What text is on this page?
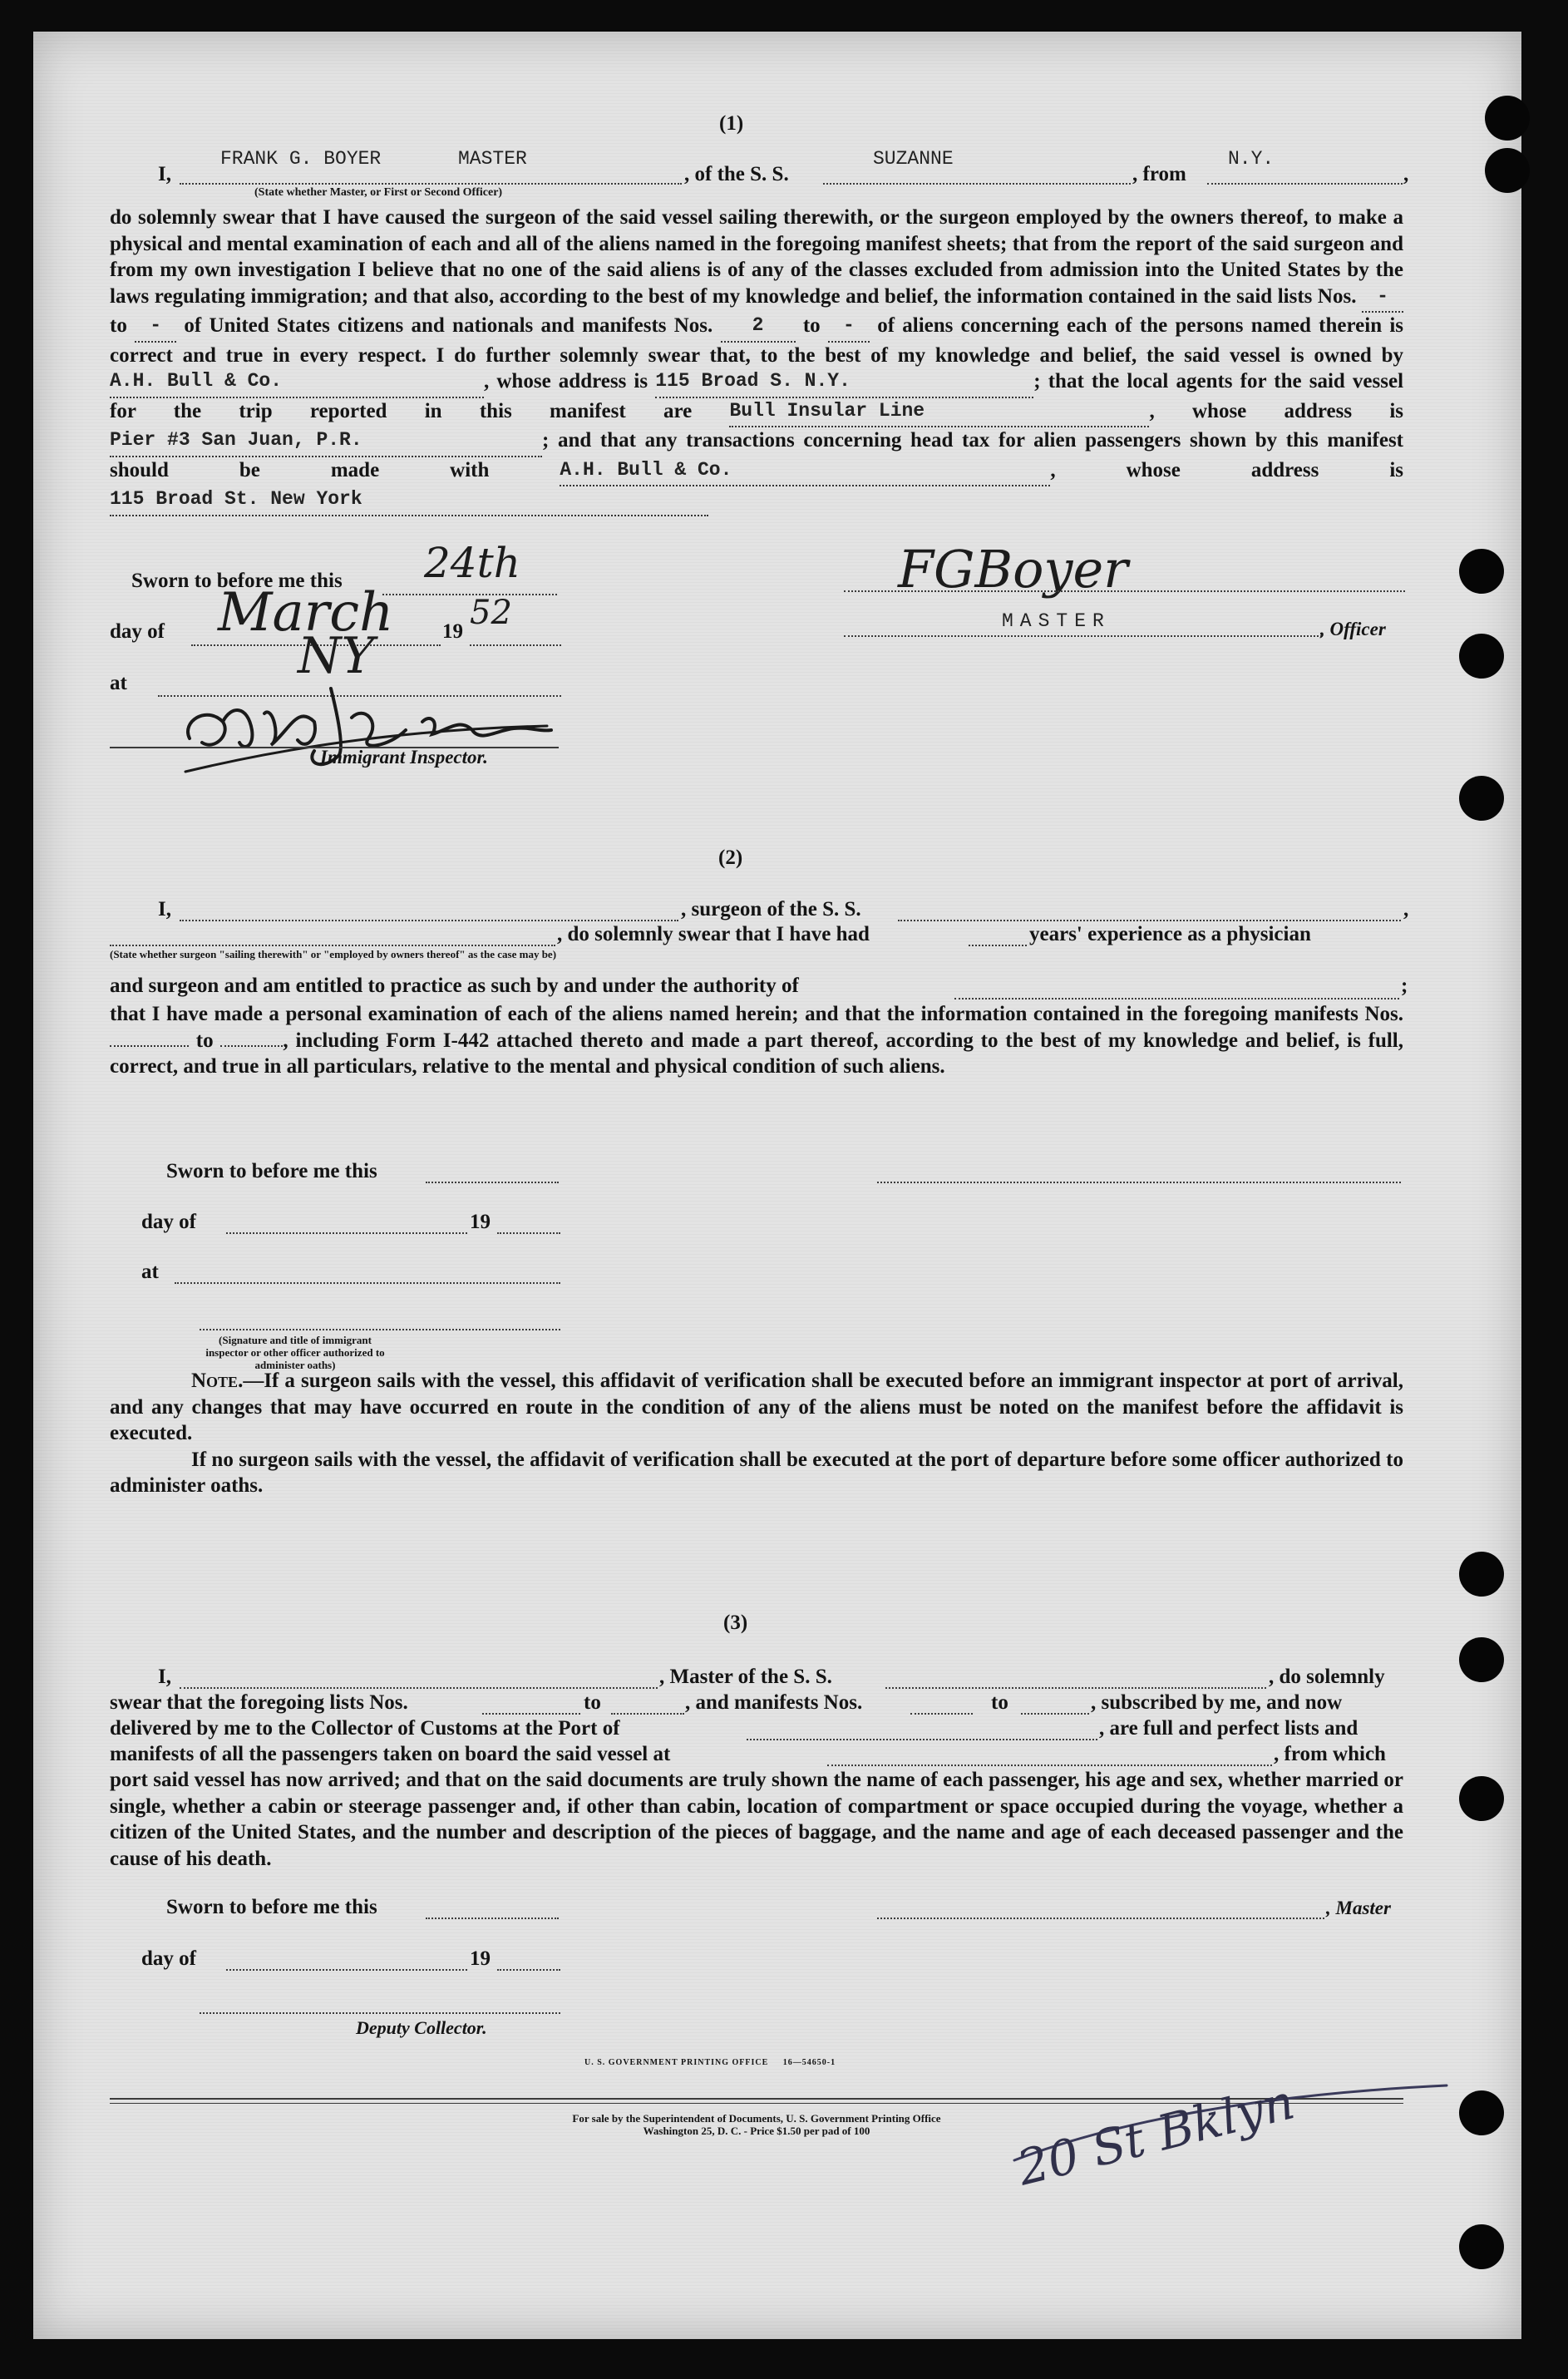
(1)
I,
FRANK G. BOYER	MASTER
(State whether Master, or First or Second Officer)
, of the S. S.
SUZANNE
, from
N.Y.
,

do solemnly swear that I have caused the surgeon of the said vessel sailing therewith, or the surgeon employed by the owners thereof, to make a physical and mental examination of each and all of the aliens named in the foregoing manifest sheets; that from the report of the said surgeon and from my own investigation I believe that no one of the said aliens is of any of the classes excluded from admission into the United States by the laws regulating immigration; and that also, according to the best of my knowledge and belief, the information contained in the said lists Nos. - to - of United States citizens and nationals and manifests Nos. 2 to - of aliens concerning each of the persons named therein is correct and true in every respect. I do further solemnly swear that, to the best of my knowledge and belief, the said vessel is owned by A.H. Bull & Co.	, whose address is 115 Broad S. N.Y.	; that the local agents for the said vessel for the trip reported in this manifest are Bull Insular Line	, whose address is Pier #3 San Juan, P.R.	; and that any transactions concerning head tax for alien passengers shown by this manifest should be made with	A.H. Bull & Co.	, whose address is 115 Broad St. New York

Sworn to before me this 24th
day of March 19 52
at	NY
Immigrant Inspector.
FGBoyer
MASTER	, Officer
(2)
I,	, surgeon of the S. S.	,
, do solemnly swear that I have had	years' experience as a physician
(State whether surgeon "sailing therewith" or "employed by owners thereof" as the case may be)
and surgeon and am entitled to practice as such by and under the authority of	;

that I have made a personal examination of each of the aliens named herein; and that the information contained in the foregoing manifests Nos.  to	, including Form I-442 attached thereto and made a part thereof, according to the best of my knowledge and belief, is full, correct, and true in all particulars, relative to the mental and physical condition of such aliens.

Sworn to before me this
day of	19
at
(Signature and title of immigrant inspector or other officer authorized to administer oaths)

Note.—If a surgeon sails with the vessel, this affidavit of verification shall be executed before an immigrant inspector at port of arrival, and any changes that may have occurred en route in the condition of any of the aliens must be noted on the manifest before the affidavit is executed.

If no surgeon sails with the vessel, the affidavit of verification shall be executed at the port of departure before some officer authorized to administer oaths.

(3)
I,	, Master of the S. S.	, do solemnly
swear that the foregoing lists Nos.	to	, and manifests Nos.	to	, subscribed by me, and now
delivered by me to the Collector of Customs at the Port of	, are full and perfect lists and
manifests of all the passengers taken on board the said vessel at	, from which

port said vessel has now arrived; and that on the said documents are truly shown the name of each passenger, his age and sex, whether married or single, whether a cabin or steerage passenger and, if other than cabin, location of compartment or space occupied during the voyage, whether a citizen of the United States, and the number and description of the pieces of baggage, and the name and age of each deceased passenger and the cause of his death.

Sworn to before me this	, Master
day of	19
Deputy Collector.
U. S. GOVERNMENT PRINTING OFFICE     16—54650-1
For sale by the Superintendent of Documents, U. S. Government Printing Office
Washington 25, D. C. - Price $1.50 per pad of 100	20 St Bklyn
